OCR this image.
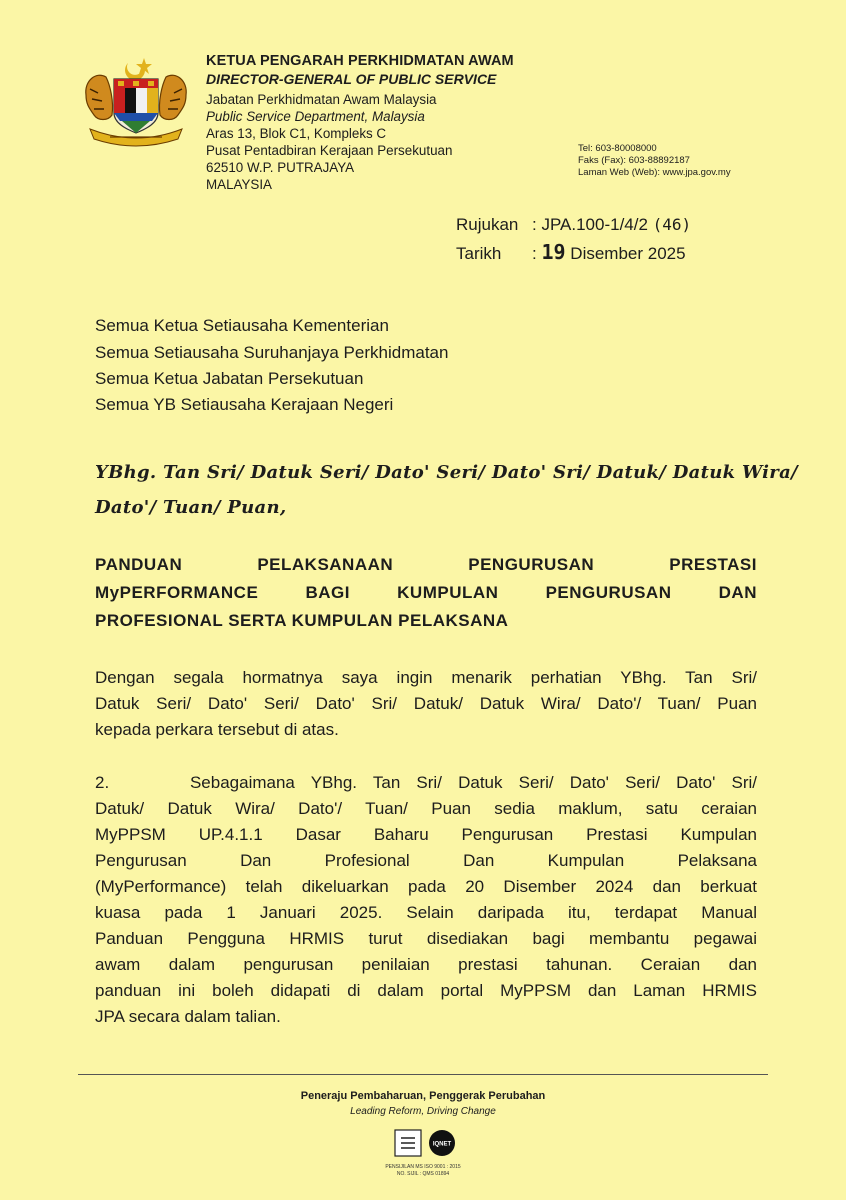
KETUA PENGARAH PERKHIDMATAN AWAM
DIRECTOR-GENERAL OF PUBLIC SERVICE
Jabatan Perkhidmatan Awam Malaysia
Public Service Department, Malaysia
Aras 13, Blok C1, Kompleks C
Pusat Pentadbiran Kerajaan Persekutuan
62510 W.P. PUTRAJAYA
MALAYSIA
Tel: 603-80008000
Faks (Fax): 603-88892187
Laman Web (Web): www.jpa.gov.my
Rujukan : JPA.100-1/4/2 (46)
Tarikh : 19 Disember 2025
Semua Ketua Setiausaha Kementerian
Semua Setiausaha Suruhanjaya Perkhidmatan
Semua Ketua Jabatan Persekutuan
Semua YB Setiausaha Kerajaan Negeri
YBhg. Tan Sri/ Datuk Seri/ Dato' Seri/ Dato' Sri/ Datuk/ Datuk Wira/
Dato'/ Tuan/ Puan,
PANDUAN PELAKSANAAN PENGURUSAN PRESTASI
MyPERFORMANCE BAGI KUMPULAN PENGURUSAN DAN
PROFESIONAL SERTA KUMPULAN PELAKSANA
Dengan segala hormatnya saya ingin menarik perhatian YBhg. Tan Sri/
Datuk Seri/ Dato' Seri/ Dato' Sri/ Datuk/ Datuk Wira/ Dato'/ Tuan/ Puan
kepada perkara tersebut di atas.
2.     Sebagaimana YBhg. Tan Sri/ Datuk Seri/ Dato' Seri/ Dato' Sri/
Datuk/ Datuk Wira/ Dato'/ Tuan/ Puan sedia maklum, satu ceraian
MyPPSM UP.4.1.1 Dasar Baharu Pengurusan Prestasi Kumpulan
Pengurusan Dan Profesional Dan Kumpulan Pelaksana
(MyPerformance) telah dikeluarkan pada 20 Disember 2024 dan berkuat
kuasa pada 1 Januari 2025. Selain daripada itu, terdapat Manual
Panduan Pengguna HRMIS turut disediakan bagi membantu pegawai
awam dalam pengurusan penilaian prestasi tahunan. Ceraian dan
panduan ini boleh didapati di dalam portal MyPPSM dan Laman HRMIS
JPA secara dalam talian.
Peneraju Pembaharuan, Penggerak Perubahan
Leading Reform, Driving Change
IQNET
PENSIJILAN MS ISO 9001 : 2015
NO. SIJIL : QMS 01894
